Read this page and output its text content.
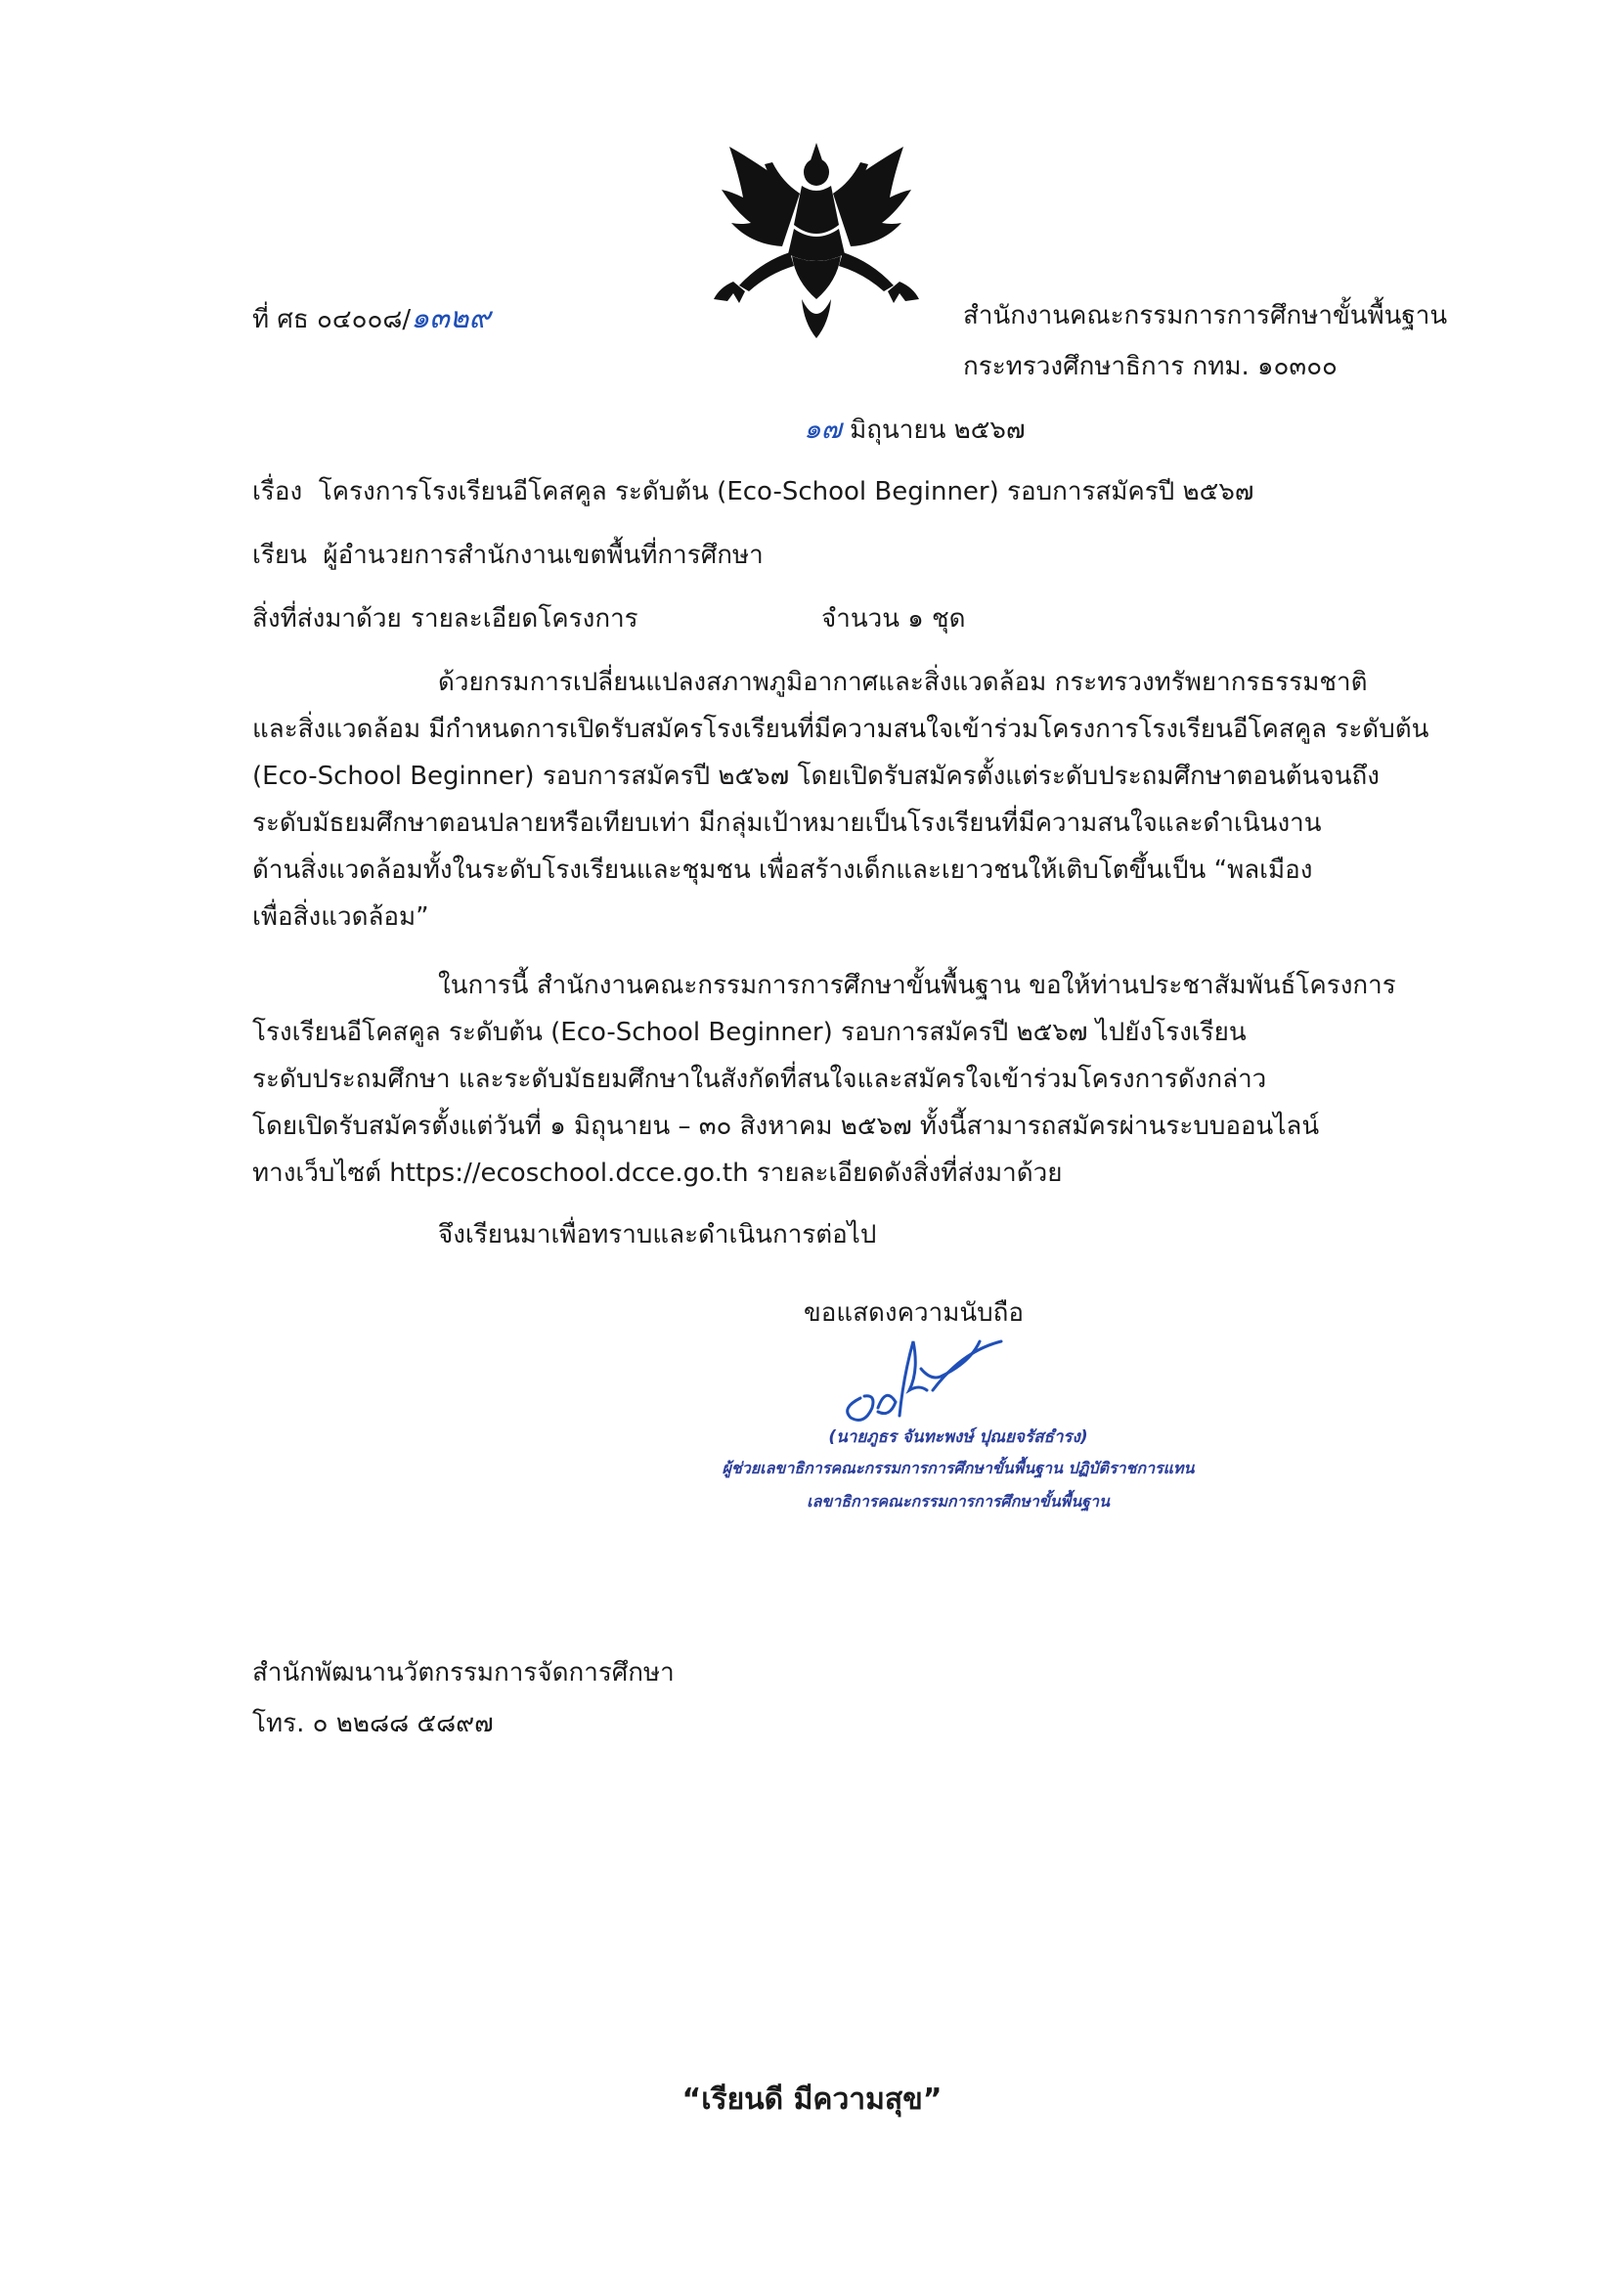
ที่ ศธ ๐๔๐๐๘/๑๓๒๙	สำนักงานคณะกรรมการการศึกษาขั้นพื้นฐาน
กระทรวงศึกษาธิการ กทม. ๑๐๓๐๐
๑๗ มิถุนายน ๒๕๖๗
เรื่อง โครงการโรงเรียนอีโคสคูล ระดับต้น (Eco-School Beginner) รอบการสมัครปี ๒๕๖๗
เรียน ผู้อำนวยการสำนักงานเขตพื้นที่การศึกษา
สิ่งที่ส่งมาด้วย รายละเอียดโครงการ	จำนวน ๑ ชุด
ด้วยกรมการเปลี่ยนแปลงสภาพภูมิอากาศและสิ่งแวดล้อม กระทรวงทรัพยากรธรรมชาติ
และสิ่งแวดล้อม มีกำหนดการเปิดรับสมัครโรงเรียนที่มีความสนใจเข้าร่วมโครงการโรงเรียนอีโคสคูล ระดับต้น
(Eco-School Beginner) รอบการสมัครปี ๒๕๖๗ โดยเปิดรับสมัครตั้งแต่ระดับประถมศึกษาตอนต้นจนถึง
ระดับมัธยมศึกษาตอนปลายหรือเทียบเท่า มีกลุ่มเป้าหมายเป็นโรงเรียนที่มีความสนใจและดำเนินงาน
ด้านสิ่งแวดล้อมทั้งในระดับโรงเรียนและชุมชน เพื่อสร้างเด็กและเยาวชนให้เติบโตขึ้นเป็น “พลเมือง
เพื่อสิ่งแวดล้อม”
ในการนี้ สำนักงานคณะกรรมการการศึกษาขั้นพื้นฐาน ขอให้ท่านประชาสัมพันธ์โครงการ
โรงเรียนอีโคสคูล ระดับต้น (Eco-School Beginner) รอบการสมัครปี ๒๕๖๗ ไปยังโรงเรียน
ระดับประถมศึกษา และระดับมัธยมศึกษาในสังกัดที่สนใจและสมัครใจเข้าร่วมโครงการดังกล่าว
โดยเปิดรับสมัครตั้งแต่วันที่ ๑ มิถุนายน – ๓๐ สิงหาคม ๒๕๖๗ ทั้งนี้สามารถสมัครผ่านระบบออนไลน์
ทางเว็บไซต์ https://ecoschool.dcce.go.th รายละเอียดดังสิ่งที่ส่งมาด้วย
จึงเรียนมาเพื่อทราบและดำเนินการต่อไป
ขอแสดงความนับถือ
(นายภูธร จันทะพงษ์ ปุณยจรัสธำรง)
ผู้ช่วยเลขาธิการคณะกรรมการการศึกษาขั้นพื้นฐาน ปฏิบัติราชการแทน
เลขาธิการคณะกรรมการการศึกษาขั้นพื้นฐาน
สำนักพัฒนานวัตกรรมการจัดการศึกษา
โทร. ๐ ๒๒๘๘ ๕๘๙๗
“เรียนดี มีความสุข”
